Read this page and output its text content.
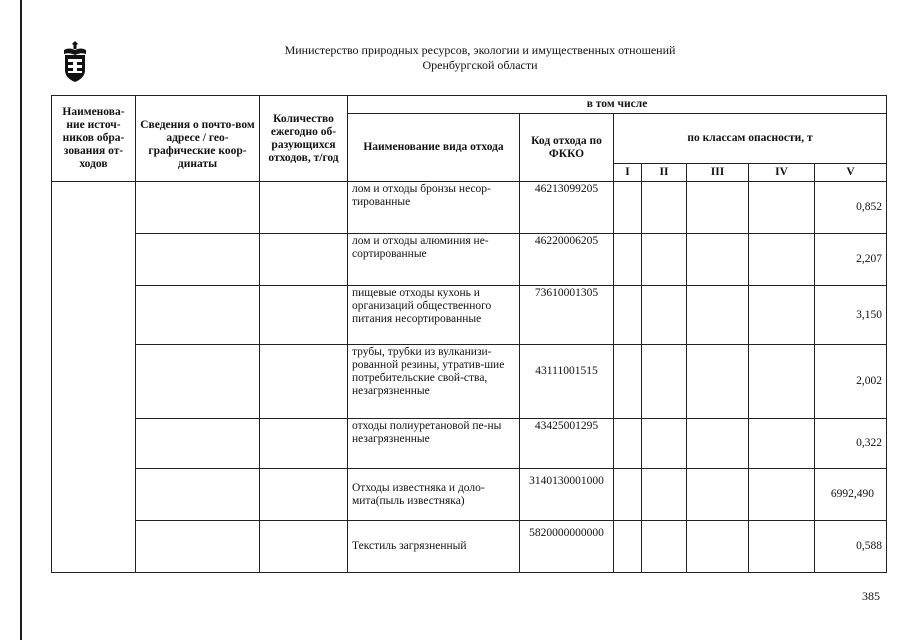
Министерство природных ресурсов, экологии и имущественных отношений
Оренбургской области
Наименова-ние источ-ников обра-зования от-ходов	Сведения о почто-вом адресе / гео-графические коор-динаты	Количество ежегодно об-разующихся отходов, т/год	в том числе						
			Наименование вида отхода	Код отхода по ФККО	по классам опасности, т				
					I	II	III	IV	V
			лом и отходы бронзы несор-тированные	46213099205					0,852
			лом и отходы алюминия не-сортированные	46220006205					2,207
			пищевые отходы кухонь и организаций общественного питания несортированные	73610001305					3,150
			трубы, трубки из вулканизи-рованной резины, утратив-шие потребительские свой-ства, незагрязненные	43111001515					2,002
			отходы полиуретановой пе-ны незагрязненные	43425001295					0,322
			Отходы известняка и доло-мита(пыль известняка)	3140130001000					6992,490
			Текстиль загрязненный	5820000000000					0,588
385
